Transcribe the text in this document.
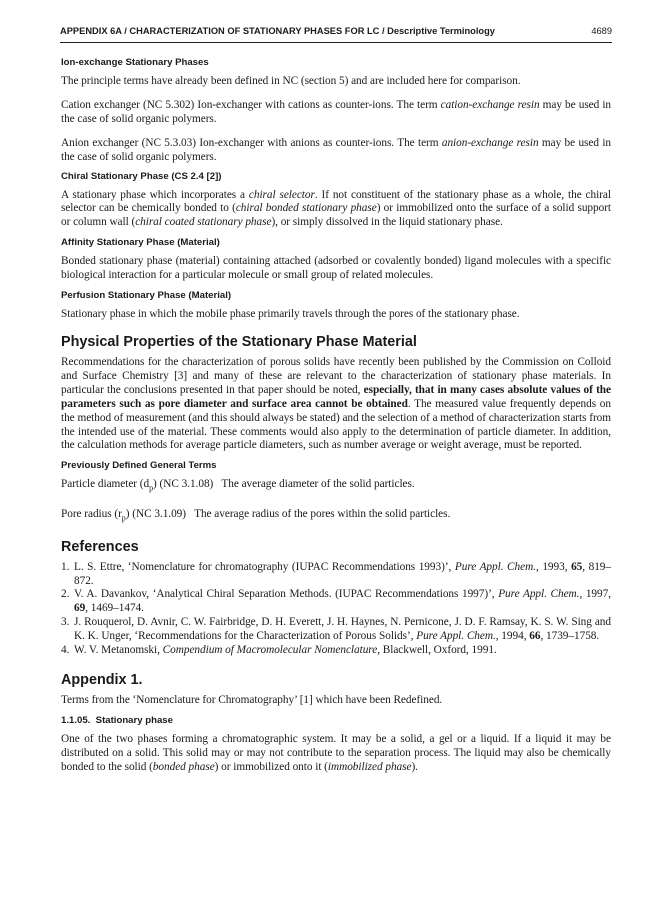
APPENDIX 6A / CHARACTERIZATION OF STATIONARY PHASES FOR LC / Descriptive Terminology	4689
Ion-exchange Stationary Phases

The principle terms have already been defined in NC (section 5) and are included here for comparison.

Cation exchanger (NC 5.302) Ion-exchanger with cations as counter-ions. The term cation-exchange resin may be used in the case of solid organic polymers.

Anion exchanger (NC 5.3.03) Ion-exchanger with anions as counter-ions. The term anion-exchange resin may be used in the case of solid organic polymers.

Chiral Stationary Phase (CS 2.4 [2])

A stationary phase which incorporates a chiral selector. If not constituent of the stationary phase as a whole, the chiral selector can be chemically bonded to (chiral bonded stationary phase) or immobilized onto the surface of a solid support or column wall (chiral coated stationary phase), or simply dissolved in the liquid stationary phase.

Affinity Stationary Phase (Material)

Bonded stationary phase (material) containing attached (adsorbed or covalently bonded) ligand molecules with a specific biological interaction for a particular molecule or small group of related molecules.

Perfusion Stationary Phase (Material)

Stationary phase in which the mobile phase primarily travels through the pores of the stationary phase.

Physical Properties of the Stationary Phase Material

Recommendations for the characterization of porous solids have recently been published by the Commission on Colloid and Surface Chemistry [3] and many of these are relevant to the characterization of stationary phase materials. In particular the conclusions presented in that paper should be noted, especially, that in many cases absolute values of the parameters such as pore diameter and surface area cannot be obtained. The measured value frequently depends on the method of measurement (and this should always be stated) and the selection of a method of characterization starts from the intended use of the material. These comments would also apply to the determination of particle diameter. In addition, the calculation methods for average particle diameters, such as number average or weight average, must be reported.

Previously Defined General Terms

Particle diameter $(d_p)$ (NC 3.1.08)   The average diameter of the solid particles.

Pore radius $(r_p)$ (NC 3.1.09)   The average radius of the pores within the solid particles.

References
1. L. S. Ettre, ‘Nomenclature for chromatography (IUPAC Recommendations 1993)’, Pure Appl. Chem., 1993, 65, 819–872.
2. V. A. Davankov, ‘Analytical Chiral Separation Methods. (IUPAC Recommendations 1997)’, Pure Appl. Chem., 1997, 69, 1469–1474.
3. J. Rouquerol, D. Avnir, C. W. Fairbridge, D. H. Everett, J. H. Haynes, N. Pernicone, J. D. F. Ramsay, K. S. W. Sing and K. K. Unger, ‘Recommendations for the Characterization of Porous Solids’, Pure Appl. Chem., 1994, 66, 1739–1758.
4. W. V. Metanomski, Compendium of Macromolecular Nomenclature, Blackwell, Oxford, 1991.
Appendix 1.

Terms from the ‘Nomenclature for Chromatography’ [1] which have been Redefined.

1.1.05.  Stationary phase

One of the two phases forming a chromatographic system. It may be a solid, a gel or a liquid. If a liquid it may be distributed on a solid. This solid may or may not contribute to the separation process. The liquid may also be chemically bonded to the solid (bonded phase) or immobilized onto it (immobilized phase).
